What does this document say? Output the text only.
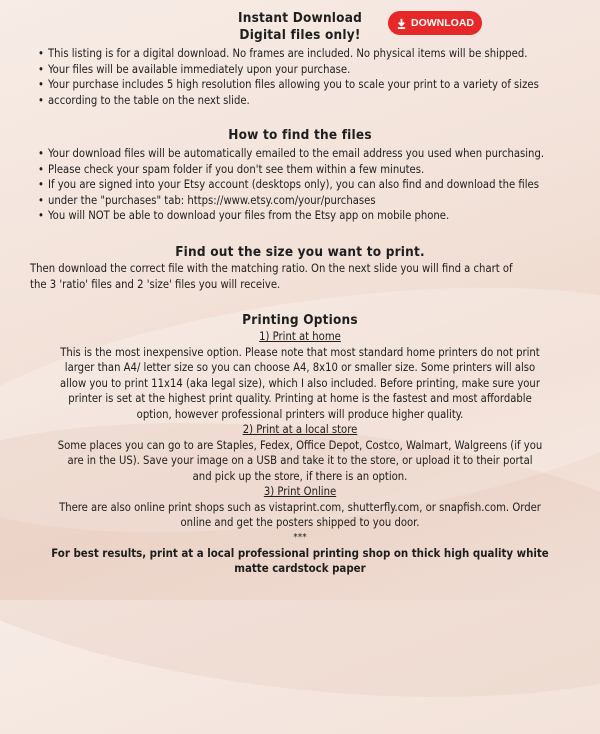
DOWNLOAD

Instant Download

Digital files only!

• This listing is for a digital download. No frames are included. No physical items will be shipped.
• Your files will be available immediately upon your purchase.
• Your purchase includes 5 high resolution files allowing you to scale your print to a variety of sizes
• according to the table on the next slide.

How to find the files

• Your download files will be automatically emailed to the email address you used when purchasing.
• Please check your spam folder if you don't see them within a few minutes.
• If you are signed into your Etsy account (desktops only), you can also find and download the files
• under the "purchases" tab: https://www.etsy.com/your/purchases
• You will NOT be able to download your files from the Etsy app on mobile phone.

Find out the size you want to print.

Then download the correct file with the matching ratio. On the next slide you will find a chart of

the 3 'ratio' files and 2 'size' files you will receive.

Printing Options

1) Print at home

This is the most inexpensive option. Please note that most standard home printers do not print

larger than A4/ letter size so you can choose A4, 8x10 or smaller size. Some printers will also

allow you to print 11x14 (aka legal size), which I also included. Before printing, make sure your

printer is set at the highest print quality. Printing at home is the fastest and most affordable

option, however professional printers will produce higher quality.

2) Print at a local store

Some places you can go to are Staples, Fedex, Office Depot, Costco, Walmart, Walgreens (if you

are in the US). Save your image on a USB and take it to the store, or upload it to their portal

and pick up the store, if there is an option.

3) Print Online

There are also online print shops such as vistaprint.com, shutterfly.com, or snapfish.com. Order

online and get the posters shipped to you door.

***

For best results, print at a local professional printing shop on thick high quality white

matte cardstock paper
